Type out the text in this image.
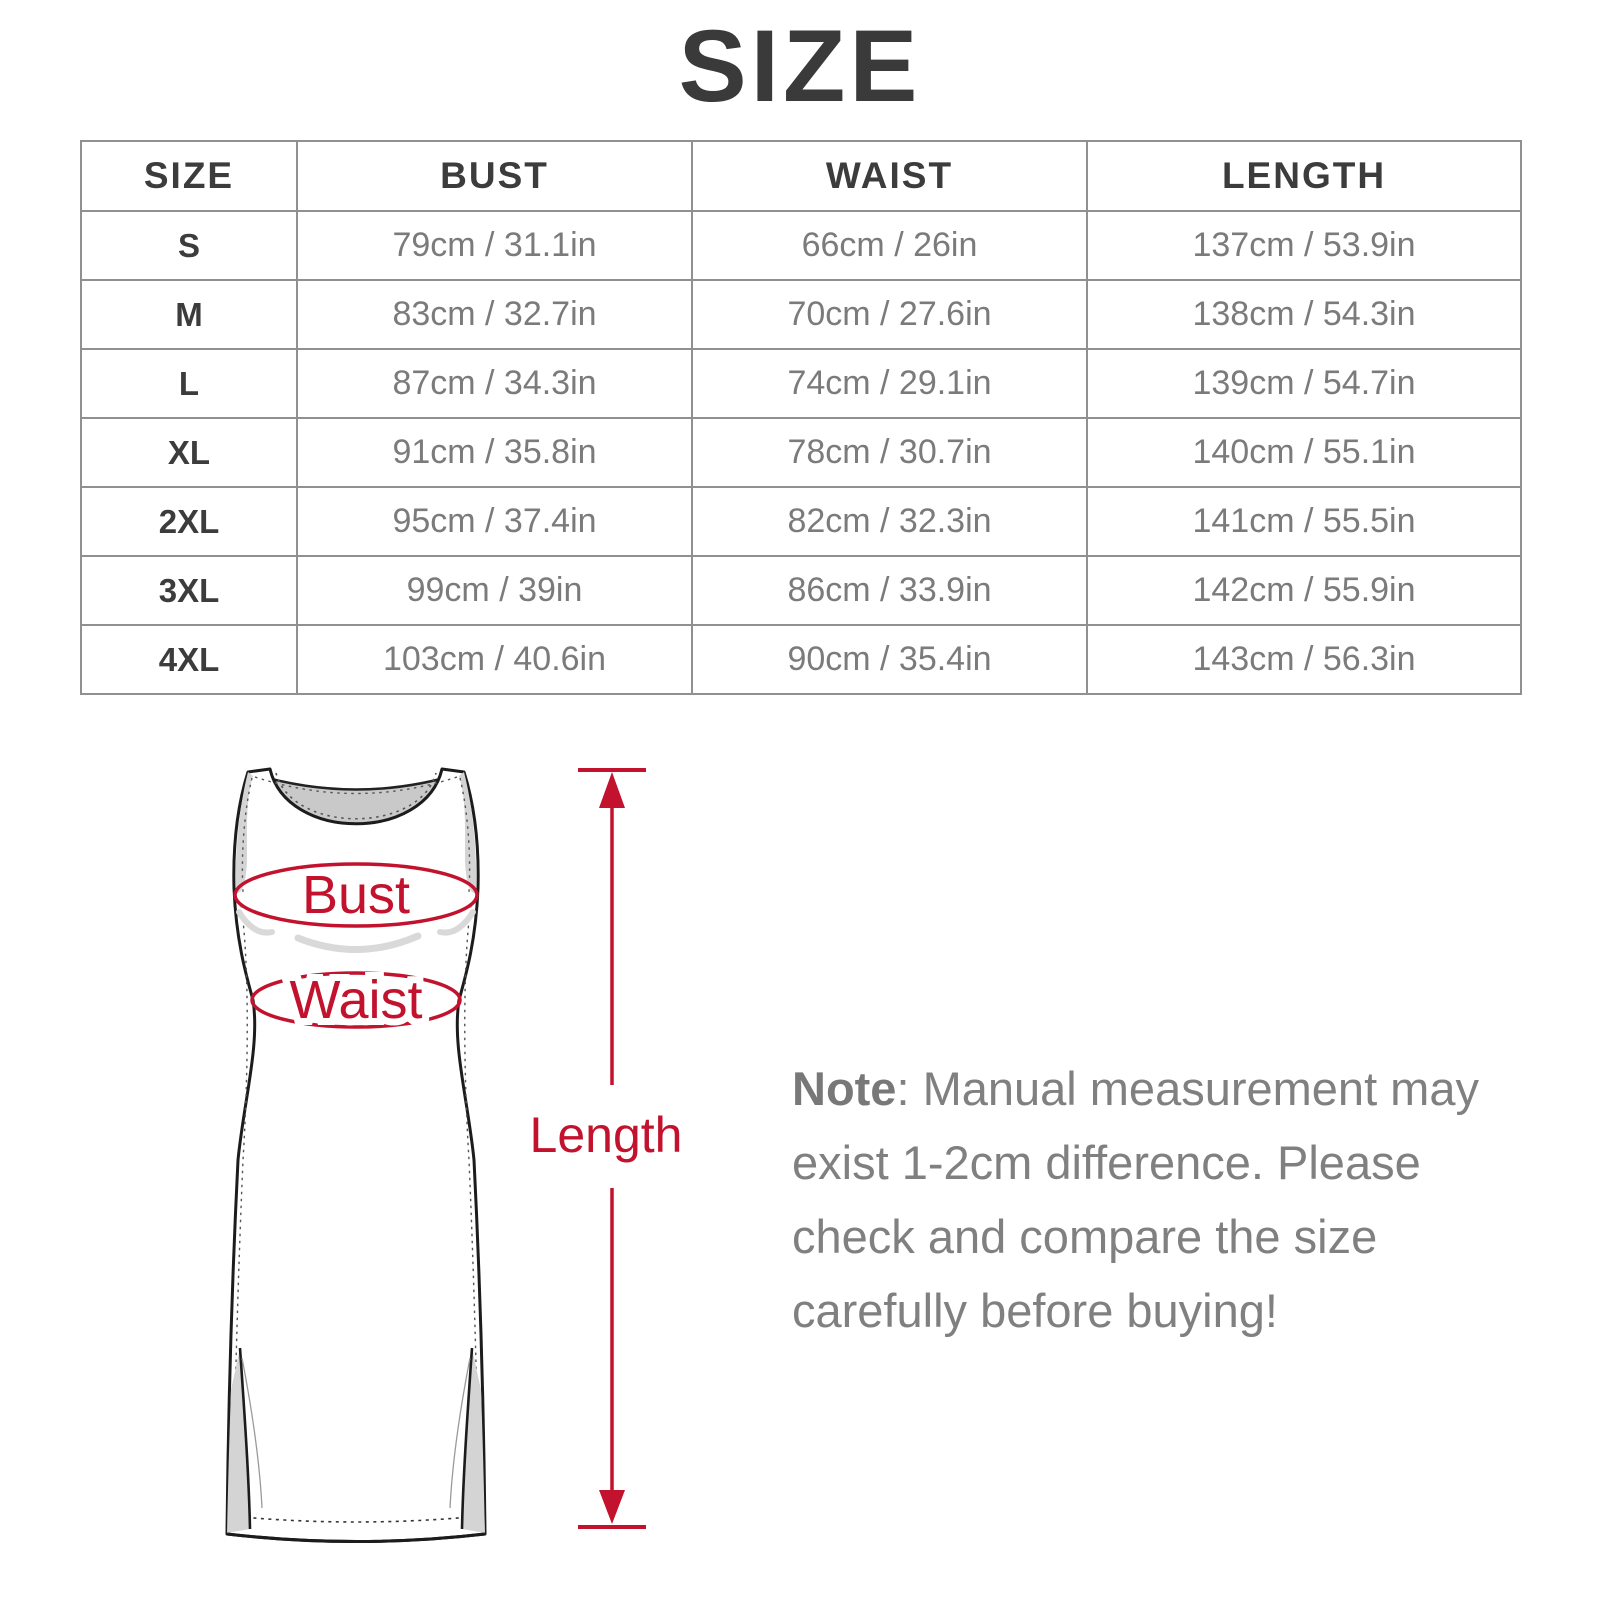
SIZE
SIZE	BUST	WAIST	LENGTH
S	79cm / 31.1in	66cm / 26in	137cm / 53.9in
M	83cm / 32.7in	70cm / 27.6in	138cm / 54.3in
L	87cm / 34.3in	74cm / 29.1in	139cm / 54.7in
XL	91cm / 35.8in	78cm / 30.7in	140cm / 55.1in
2XL	95cm / 37.4in	82cm / 32.3in	141cm / 55.5in
3XL	99cm / 39in	86cm / 33.9in	142cm / 55.9in
4XL	103cm / 40.6in	90cm / 35.4in	143cm / 56.3in
Bust
Waist
Length
Note: Manual measurement may
exist 1-2cm difference. Please
check and compare the size
carefully before buying!
